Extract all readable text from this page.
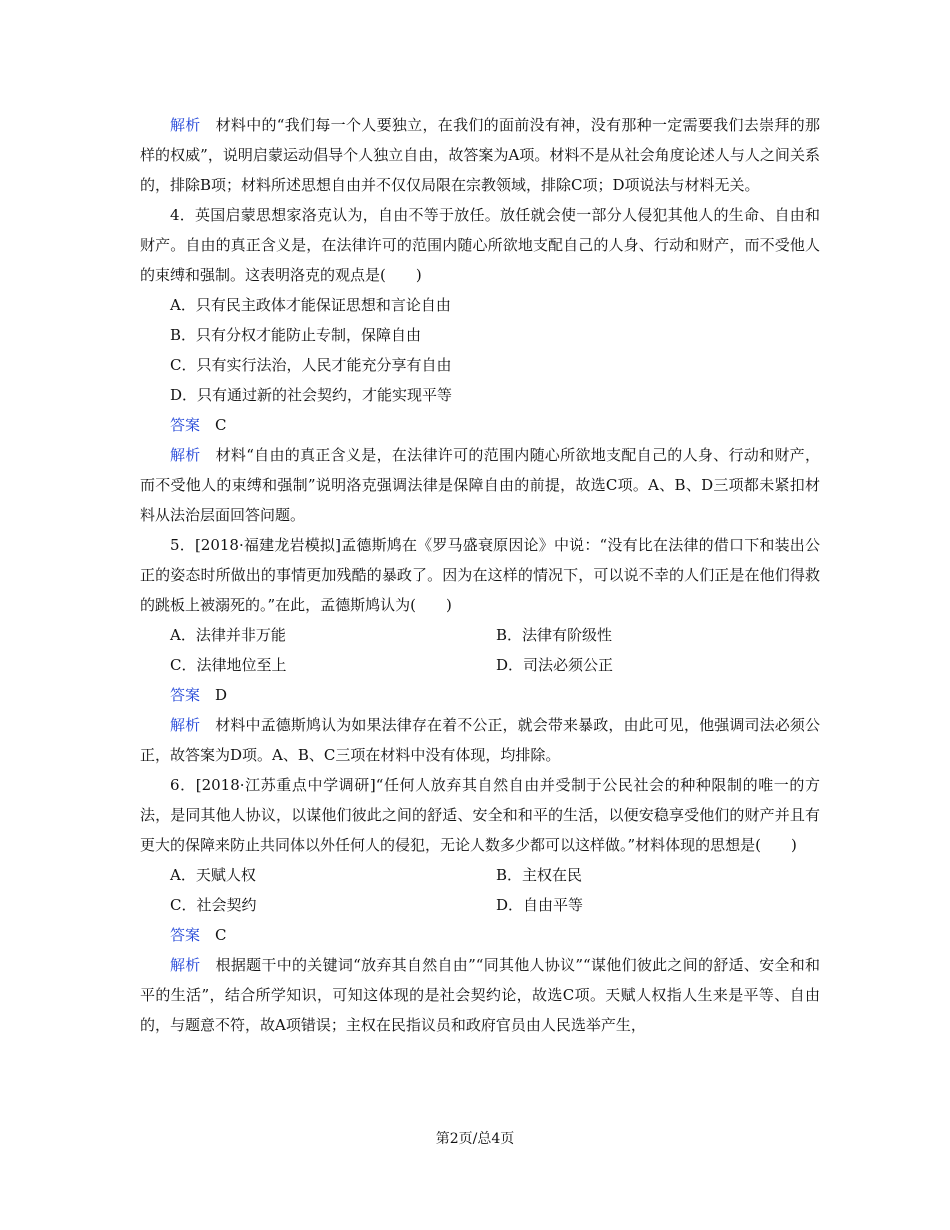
解析 材料中的“我们每一个人要独立，在我们的面前没有神，没有那种一定需要我们去崇拜的那样的权威”，说明启蒙运动倡导个人独立自由，故答案为A项。材料不是从社会角度论述人与人之间关系的，排除B项；材料所述思想自由并不仅仅局限在宗教领域，排除C项；D项说法与材料无关。

4．英国启蒙思想家洛克认为，自由不等于放任。放任就会使一部分人侵犯其他人的生命、自由和财产。自由的真正含义是，在法律许可的范围内随心所欲地支配自己的人身、行动和财产，而不受他人的束缚和强制。这表明洛克的观点是(　　)

A．只有民主政体才能保证思想和言论自由

B．只有分权才能防止专制，保障自由

C．只有实行法治，人民才能充分享有自由

D．只有通过新的社会契约，才能实现平等

答案 C

解析 材料“自由的真正含义是，在法律许可的范围内随心所欲地支配自己的人身、行动和财产，而不受他人的束缚和强制”说明洛克强调法律是保障自由的前提，故选C项。A、B、D三项都未紧扣材料从法治层面回答问题。

5．[2018·福建龙岩模拟]孟德斯鸠在《罗马盛衰原因论》中说：“没有比在法律的借口下和装出公正的姿态时所做出的事情更加残酷的暴政了。因为在这样的情况下，可以说不幸的人们正是在他们得救的跳板上被溺死的。”在此，孟德斯鸠认为(　　)

A．法律并非万能	B．法律有阶级性
C．法律地位至上	D．司法必须公正

答案 D

解析 材料中孟德斯鸠认为如果法律存在着不公正，就会带来暴政，由此可见，他强调司法必须公正，故答案为D项。A、B、C三项在材料中没有体现，均排除。

6．[2018·江苏重点中学调研]“任何人放弃其自然自由并受制于公民社会的种种限制的唯一的方法，是同其他人协议，以谋他们彼此之间的舒适、安全和和平的生活，以便安稳享受他们的财产并且有更大的保障来防止共同体以外任何人的侵犯，无论人数多少都可以这样做。”材料体现的思想是(　　)

A．天赋人权	B．主权在民
C．社会契约	D．自由平等

答案 C

解析 根据题干中的关键词“放弃其自然自由”“同其他人协议”“谋他们彼此之间的舒适、安全和和平的生活”，结合所学知识，可知这体现的是社会契约论，故选C项。天赋人权指人生来是平等、自由的，与题意不符，故A项错误；主权在民指议员和政府官员由人民选举产生，

第2页/总4页
